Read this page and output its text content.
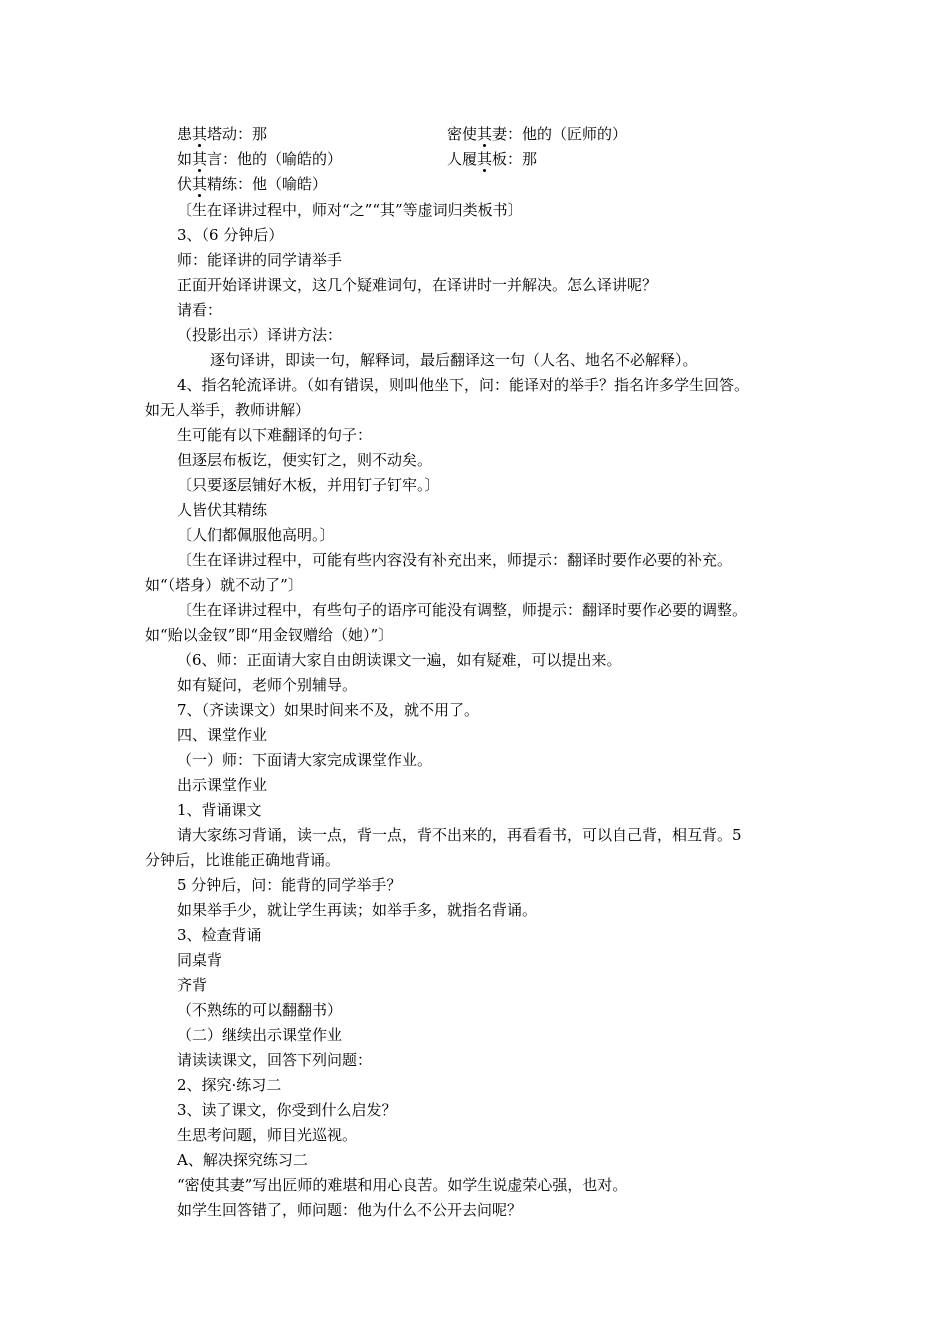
患其塔动：那	密使其妻：他的（匠师的）
如其言：他的（喻皓的）	人履其板：那
伏其精练：他（喻皓）
〔生在译讲过程中，师对“之”“其”等虚词归类板书〕
3、（6 分钟后）
师：能译讲的同学请举手
正面开始译讲课文，这几个疑难词句，在译讲时一并解决。怎么译讲呢？
请看：
（投影出示）译讲方法：
逐句译讲，即读一句，解释词，最后翻译这一句（人名、地名不必解释）。
4、指名轮流译讲。（如有错误，则叫他坐下，问：能译对的举手？指名许多学生回答。
如无人举手，教师讲解）
生可能有以下难翻译的句子：
但逐层布板讫，便实钉之，则不动矣。
〔只要逐层铺好木板，并用钉子钉牢。〕
人皆伏其精练
〔人们都佩服他高明。〕
〔生在译讲过程中，可能有些内容没有补充出来，师提示：翻译时要作必要的补充。
如“（塔身）就不动了”〕
〔生在译讲过程中，有些句子的语序可能没有调整，师提示：翻译时要作必要的调整。
如“贻以金钗”即“用金钗赠给（她）”〕
（6、师：正面请大家自由朗读课文一遍，如有疑难，可以提出来。
如有疑问，老师个别辅导。
7、（齐读课文）如果时间来不及，就不用了。
四、课堂作业
（一）师：下面请大家完成课堂作业。
出示课堂作业
1、背诵课文
请大家练习背诵，读一点，背一点，背不出来的，再看看书，可以自己背，相互背。5
分钟后，比谁能正确地背诵。
5 分钟后，问：能背的同学举手？
如果举手少，就让学生再读；如举手多，就指名背诵。
3、检查背诵
同桌背
齐背
（不熟练的可以翻翻书）
（二）继续出示课堂作业
请读读课文，回答下列问题：
2、探究·练习二
3、读了课文，你受到什么启发？
生思考问题，师目光巡视。
A、解决探究练习二
“密使其妻”写出匠师的难堪和用心良苦。如学生说虚荣心强，也对。
如学生回答错了，师问题：他为什么不公开去问呢？
